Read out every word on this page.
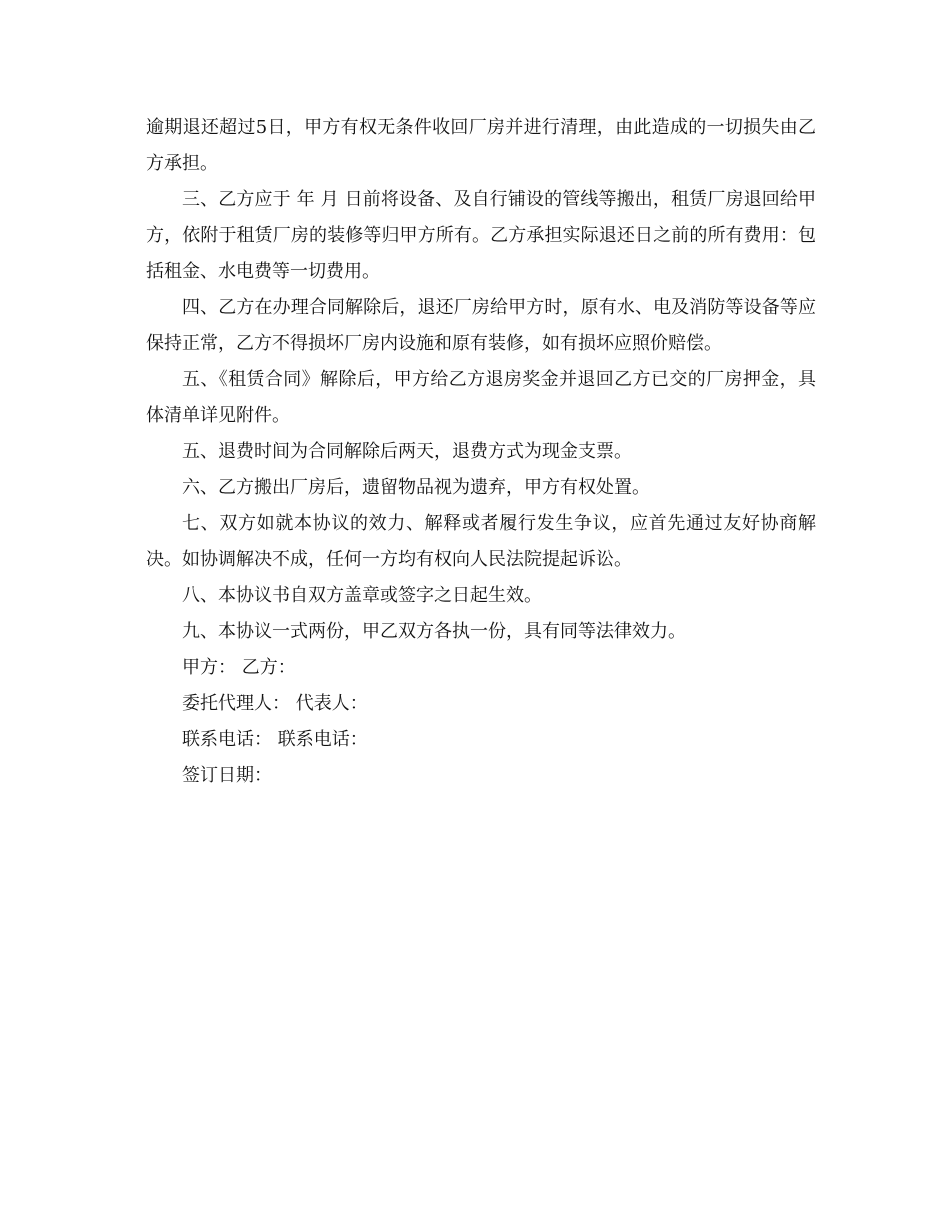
逾期退还超过5日，甲方有权无条件收回厂房并进行清理，由此造成的一切损失由乙方承担。

三、乙方应于 年 月 日前将设备、及自行铺设的管线等搬出，租赁厂房退回给甲方，依附于租赁厂房的装修等归甲方所有。乙方承担实际退还日之前的所有费用：包括租金、水电费等一切费用。

四、乙方在办理合同解除后，退还厂房给甲方时，原有水、电及消防等设备等应保持正常，乙方不得损坏厂房内设施和原有装修，如有损坏应照价赔偿。

五、《租赁合同》解除后，甲方给乙方退房奖金并退回乙方已交的厂房押金，具体清单详见附件。

五、退费时间为合同解除后两天，退费方式为现金支票。

六、乙方搬出厂房后，遗留物品视为遗弃，甲方有权处置。

七、双方如就本协议的效力、解释或者履行发生争议，应首先通过友好协商解决。如协调解决不成，任何一方均有权向人民法院提起诉讼。

八、本协议书自双方盖章或签字之日起生效。

九、本协议一式两份，甲乙双方各执一份，具有同等法律效力。

甲方： 乙方：

委托代理人： 代表人：

联系电话： 联系电话：

签订日期：
